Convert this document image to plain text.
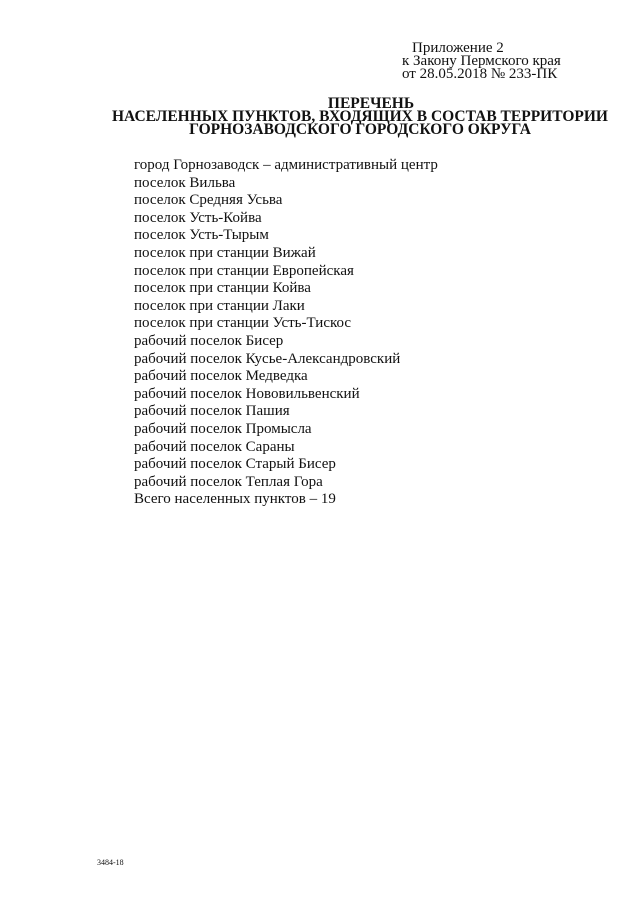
Приложение 2
к Закону Пермского края
от 28.05.2018 № 233-ПК
ПЕРЕЧЕНЬ
НАСЕЛЕННЫХ ПУНКТОВ, ВХОДЯЩИХ В СОСТАВ ТЕРРИТОРИИ
ГОРНОЗАВОДСКОГО ГОРОДСКОГО ОКРУГА
город Горнозаводск – административный центр
поселок Вильва
поселок Средняя Усьва
поселок Усть-Койва
поселок Усть-Тырым
поселок при станции Вижай
поселок при станции Европейская
поселок при станции Койва
поселок при станции Лаки
поселок при станции Усть-Тискос
рабочий поселок Бисер
рабочий поселок Кусье-Александровский
рабочий поселок Медведка
рабочий поселок Нововильвенский
рабочий поселок Пашия
рабочий поселок Промысла
рабочий поселок Сараны
рабочий поселок Старый Бисер
рабочий поселок Теплая Гора
Всего населенных пунктов – 19
3484-18
